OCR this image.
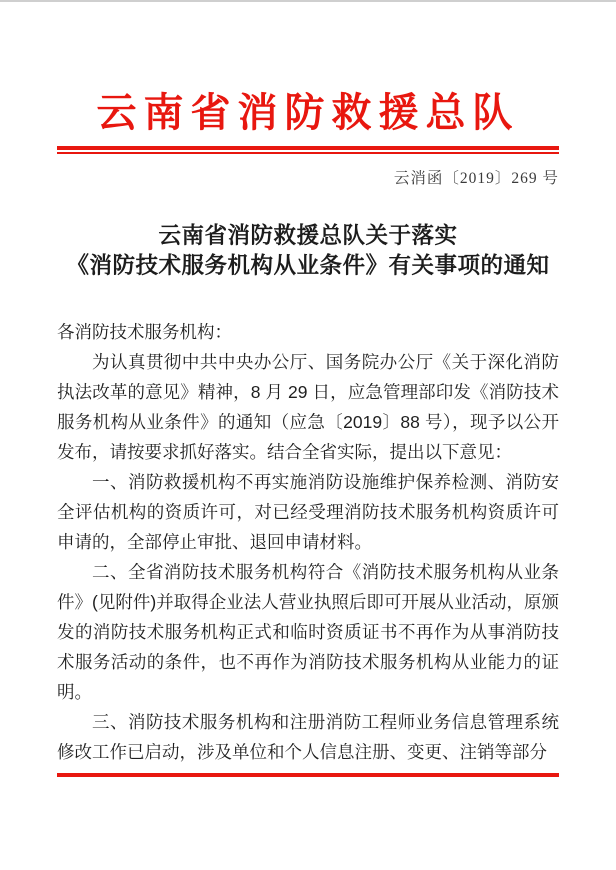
云南省消防救援总队
云消函〔2019〕269 号
云南省消防救援总队关于落实
《消防技术服务机构从业条件》有关事项的通知

各消防技术服务机构：

为认真贯彻中共中央办公厅、国务院办公厅《关于深化消防执法改革的意见》精神，8 月 29 日，应急管理部印发《消防技术服务机构从业条件》的通知（应急〔2019〕88 号），现予以公开发布，请按要求抓好落实。结合全省实际，提出以下意见：

一、消防救援机构不再实施消防设施维护保养检测、消防安全评估机构的资质许可，对已经受理消防技术服务机构资质许可申请的，全部停止审批、退回申请材料。

二、全省消防技术服务机构符合《消防技术服务机构从业条件》(见附件)并取得企业法人营业执照后即可开展从业活动，原颁发的消防技术服务机构正式和临时资质证书不再作为从事消防技术服务活动的条件，也不再作为消防技术服务机构从业能力的证明。

三、消防技术服务机构和注册消防工程师业务信息管理系统修改工作已启动，涉及单位和个人信息注册、变更、注销等部分
